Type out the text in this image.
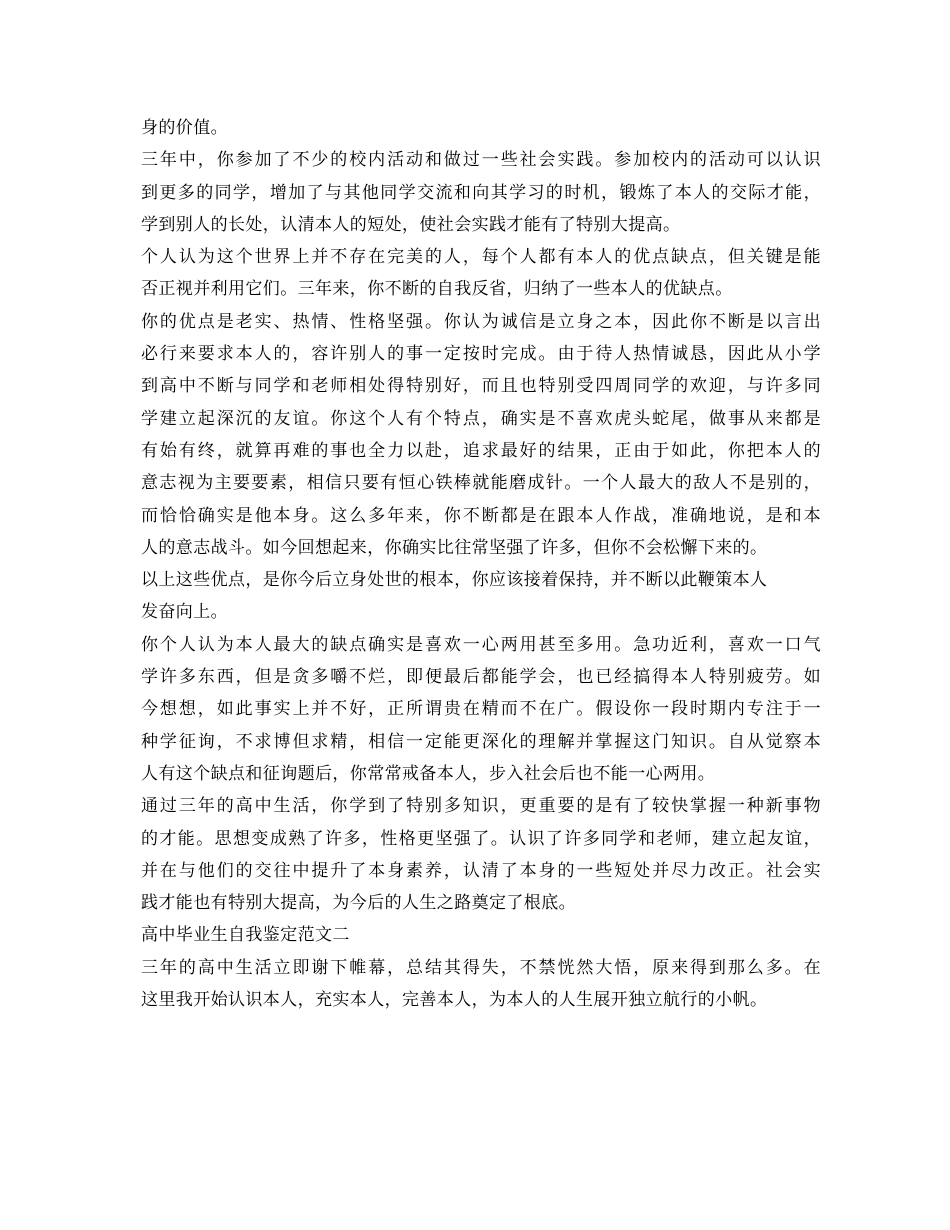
身的价值。
三年中，你参加了不少的校内活动和做过一些社会实践。参加校内的活动可以认识
到更多的同学，增加了与其他同学交流和向其学习的时机，锻炼了本人的交际才能，
学到别人的长处，认清本人的短处，使社会实践才能有了特别大提高。
个人认为这个世界上并不存在完美的人，每个人都有本人的优点缺点，但关键是能
否正视并利用它们。三年来，你不断的自我反省，归纳了一些本人的优缺点。
你的优点是老实、热情、性格坚强。你认为诚信是立身之本，因此你不断是以言出
必行来要求本人的，容许别人的事一定按时完成。由于待人热情诚恳，因此从小学
到高中不断与同学和老师相处得特别好，而且也特别受四周同学的欢迎，与许多同
学建立起深沉的友谊。你这个人有个特点，确实是不喜欢虎头蛇尾，做事从来都是
有始有终，就算再难的事也全力以赴，追求最好的结果，正由于如此，你把本人的
意志视为主要要素，相信只要有恒心铁棒就能磨成针。一个人最大的敌人不是别的，
而恰恰确实是他本身。这么多年来，你不断都是在跟本人作战，准确地说，是和本
人的意志战斗。如今回想起来，你确实比往常坚强了许多，但你不会松懈下来的。
以上这些优点，是你今后立身处世的根本，你应该接着保持，并不断以此鞭策本人
发奋向上。
你个人认为本人最大的缺点确实是喜欢一心两用甚至多用。急功近利，喜欢一口气
学许多东西，但是贪多嚼不烂，即便最后都能学会，也已经搞得本人特别疲劳。如
今想想，如此事实上并不好，正所谓贵在精而不在广。假设你一段时期内专注于一
种学征询，不求博但求精，相信一定能更深化的理解并掌握这门知识。自从觉察本
人有这个缺点和征询题后，你常常戒备本人，步入社会后也不能一心两用。
通过三年的高中生活，你学到了特别多知识，更重要的是有了较快掌握一种新事物
的才能。思想变成熟了许多，性格更坚强了。认识了许多同学和老师，建立起友谊，
并在与他们的交往中提升了本身素养，认清了本身的一些短处并尽力改正。社会实
践才能也有特别大提高，为今后的人生之路奠定了根底。
高中毕业生自我鉴定范文二
三年的高中生活立即谢下帷幕，总结其得失，不禁恍然大悟，原来得到那么多。在
这里我开始认识本人，充实本人，完善本人，为本人的人生展开独立航行的小帆。
